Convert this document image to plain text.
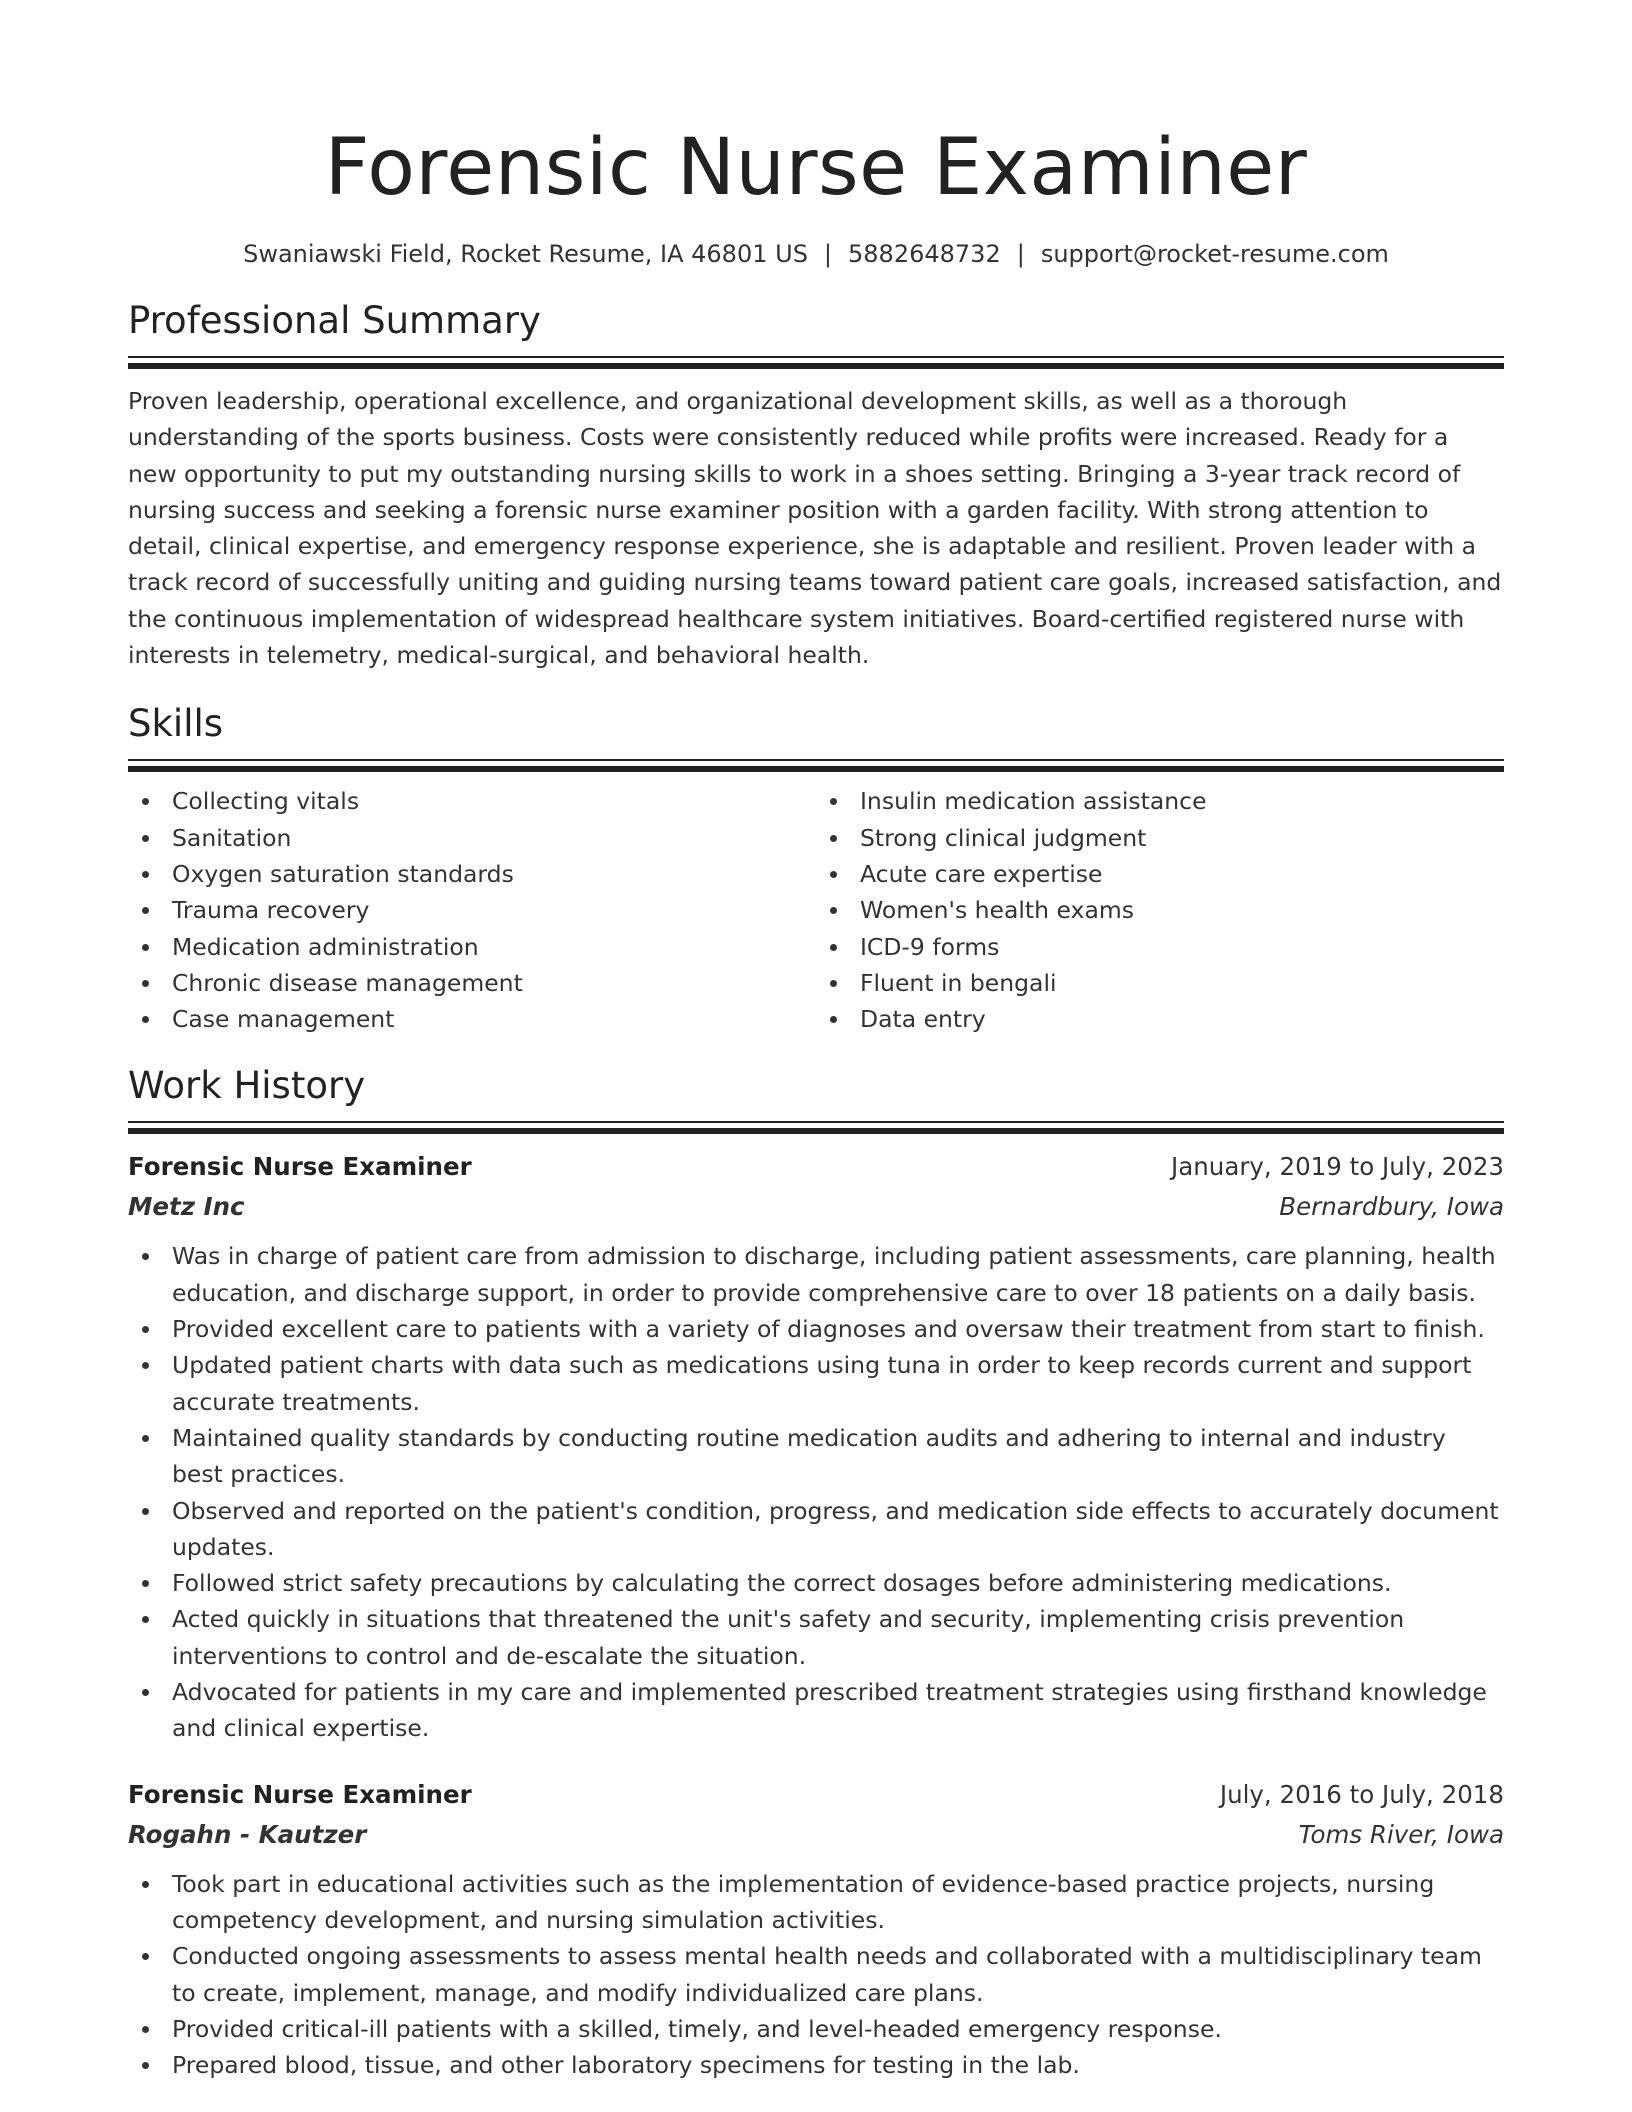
Forensic Nurse Examiner
Swaniawski Field, Rocket Resume, IA 46801 US | 5882648732 | support@rocket-resume.com
Professional Summary

Proven leadership, operational excellence, and organizational development skills, as well as a thorough understanding of the sports business. Costs were consistently reduced while profits were increased. Ready for a new opportunity to put my outstanding nursing skills to work in a shoes setting. Bringing a 3-year track record of nursing success and seeking a forensic nurse examiner position with a garden facility. With strong attention to detail, clinical expertise, and emergency response experience, she is adaptable and resilient. Proven leader with a track record of successfully uniting and guiding nursing teams toward patient care goals, increased satisfaction, and the continuous implementation of widespread healthcare system initiatives. Board-certified registered nurse with interests in telemetry, medical-surgical, and behavioral health.

Skills
Collecting vitals
Sanitation
Oxygen saturation standards
Trauma recovery
Medication administration
Chronic disease management
Case management
Insulin medication assistance
Strong clinical judgment
Acute care expertise
Women's health exams
ICD-9 forms
Fluent in bengali
Data entry
Work History
Forensic Nurse Examiner	January, 2019 to July, 2023
Metz Inc	Bernardbury, Iowa
Was in charge of patient care from admission to discharge, including patient assessments, care planning, health education, and discharge support, in order to provide comprehensive care to over 18 patients on a daily basis.
Provided excellent care to patients with a variety of diagnoses and oversaw their treatment from start to finish.
Updated patient charts with data such as medications using tuna in order to keep records current and support accurate treatments.
Maintained quality standards by conducting routine medication audits and adhering to internal and industry best practices.
Observed and reported on the patient's condition, progress, and medication side effects to accurately document updates.
Followed strict safety precautions by calculating the correct dosages before administering medications.
Acted quickly in situations that threatened the unit's safety and security, implementing crisis prevention interventions to control and de-escalate the situation.
Advocated for patients in my care and implemented prescribed treatment strategies using firsthand knowledge and clinical expertise.
Forensic Nurse Examiner	July, 2016 to July, 2018
Rogahn - Kautzer	Toms River, Iowa
Took part in educational activities such as the implementation of evidence-based practice projects, nursing competency development, and nursing simulation activities.
Conducted ongoing assessments to assess mental health needs and collaborated with a multidisciplinary team to create, implement, manage, and modify individualized care plans.
Provided critical-ill patients with a skilled, timely, and level-headed emergency response.
Prepared blood, tissue, and other laboratory specimens for testing in the lab.
